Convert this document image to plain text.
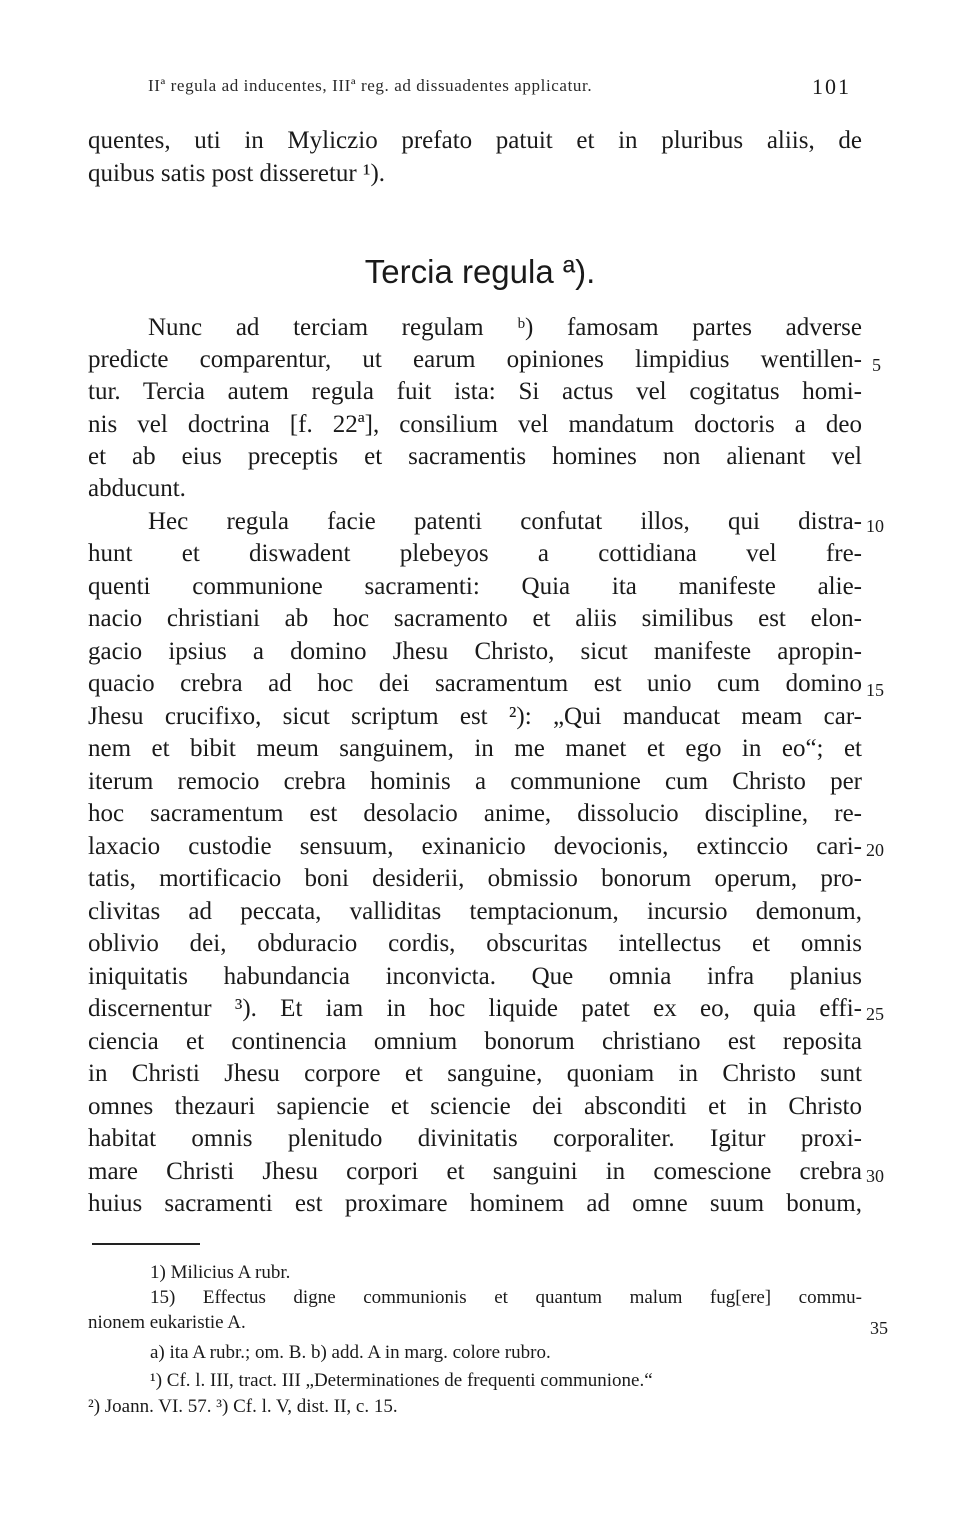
IIª regula ad inducentes, IIIª reg. ad dissuadentes applicatur.	101
quentes, uti in Myliczio prefato patuit et in pluribus aliis, de
quibus satis post disseretur ¹).
Tercia regula ª).
Nunc ad terciam regulam ᵇ) famosam partes adverse
predicte comparentur, ut earum opiniones limpidius wentillen-
tur. Tercia autem regula fuit ista: Si actus vel cogitatus homi-
nis vel doctrina [f. 22ª], consilium vel mandatum doctoris a deo
et ab eius preceptis et sacramentis homines non alienant vel
abducunt.
Hec regula facie patenti confutat illos, qui distra-
hunt et diswadent plebeyos a cottidiana vel fre-
quenti communione sacramenti: Quia ita manifeste alie-
nacio christiani ab hoc sacramento et aliis similibus est elon-
gacio ipsius a domino Jhesu Christo, sicut manifeste apropin-
quacio crebra ad hoc dei sacramentum est unio cum domino
Jhesu crucifixo, sicut scriptum est ²): „Qui manducat meam car-
nem et bibit meum sanguinem, in me manet et ego in eo“; et
iterum remocio crebra hominis a communione cum Christo per
hoc sacramentum est desolacio anime, dissolucio discipline, re-
laxacio custodie sensuum, exinanicio devocionis, extinccio cari-
tatis, mortificacio boni desiderii, obmissio bonorum operum, pro-
clivitas ad peccata, valliditas temptacionum, incursio demonum,
oblivio dei, obduracio cordis, obscuritas intellectus et omnis
iniquitatis habundancia inconvicta. Que omnia infra planius
discernentur ³). Et iam in hoc liquide patet ex eo, quia effi-
ciencia et continencia omnium bonorum christiano est reposita
in Christi Jhesu corpore et sanguine, quoniam in Christo sunt
omnes thezauri sapiencie et sciencie dei absconditi et in Christo
habitat omnis plenitudo divinitatis corporaliter. Igitur proxi-
mare Christi Jhesu corpori et sanguini in comescione crebra
huius sacramenti est proximare hominem ad omne suum bonum,
5
10
15
20
25
30
35
1) Milicius A rubr.
15) Effectus digne communionis et quantum malum fug[ere] commu-
nionem eukaristie A.
a) ita A rubr.; om. B. b) add. A in marg. colore rubro.
¹) Cf. l. III, tract. III „Determinationes de frequenti communione.“
²) Joann. VI. 57. ³) Cf. l. V, dist. II, c. 15.
